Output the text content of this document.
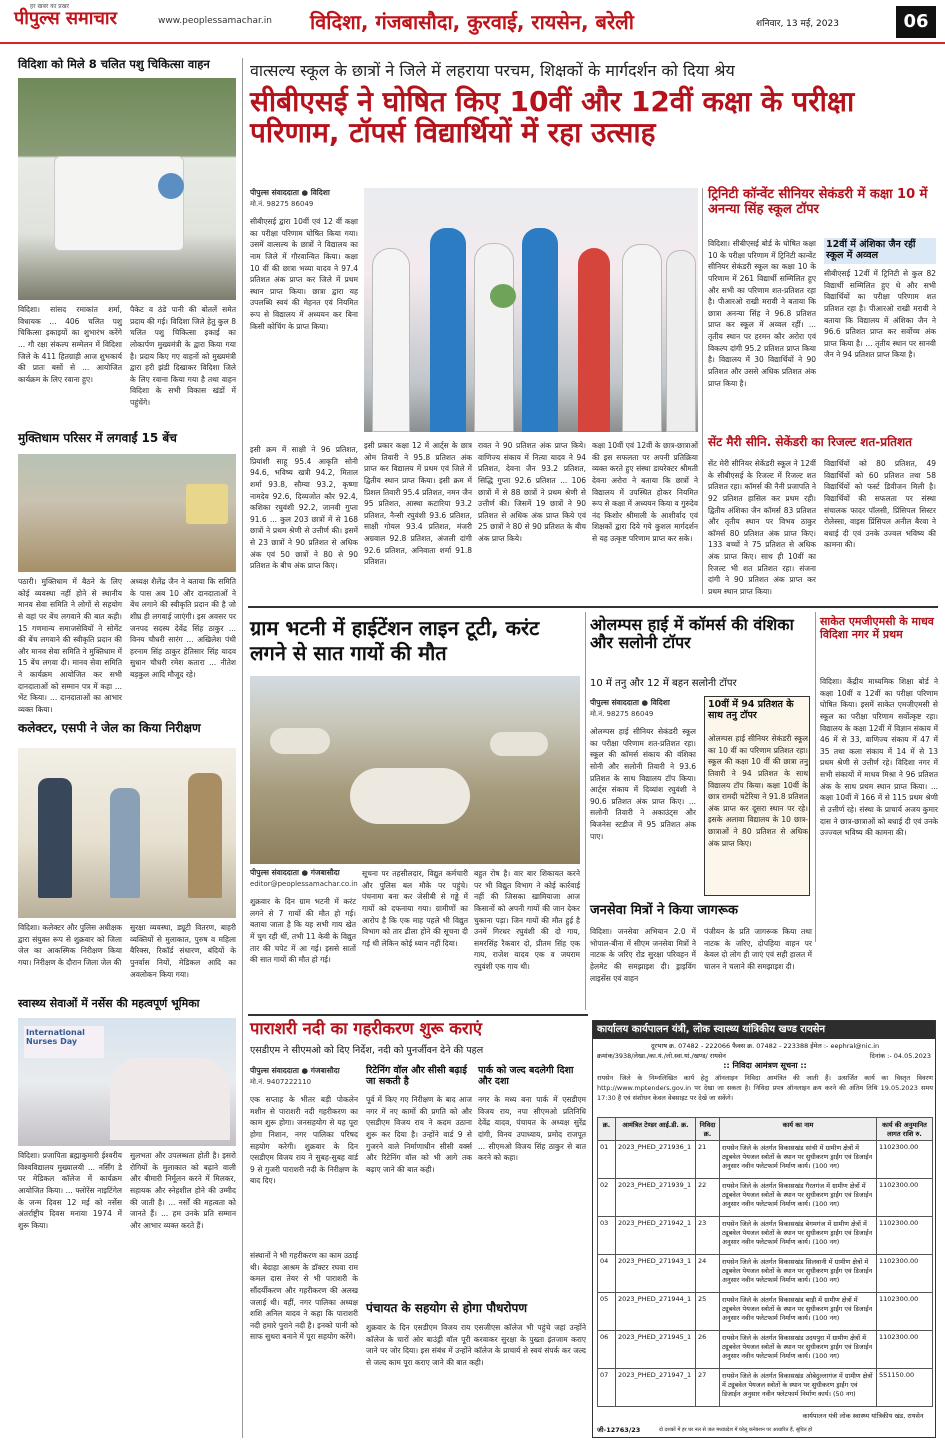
हर खबर का प्रखर
पीपुल्स समाचार	www.peoplessamachar.in विदिशा, गंजबासौदा, कुरवाई, रायसेन, बरेली	शनिवार, 13 मई, 2023	06
विदिशा को मिले 8 चलित पशु चिकित्सा वाहन
विदिशा। सांसद रमाकांत शर्मा, विधायक ... 406 चलित पशु चिकित्सा इकाइयों का शुभारंभ करेंगे ... गौ रक्षा संकल्प सम्मेलन में विदिशा जिले के 411 हितग्राही आज शुभकार्य की प्रातः बसों से ... आयोजित कार्यक्रम के लिए रवाना हुए।
पैकेट व ठंडे पानी की बोतलें समेत प्रदाय की गई। विदिशा जिले हेतु कुल 8 चलित पशु चिकित्सा इकाई का लोकार्पण मुख्यमंत्री के द्वारा किया गया है। प्रदाय किए गए वाहनों को मुख्यमंत्री द्वारा हरी झंडी दिखाकर विदिशा जिले के लिए रवाना किया गया है तथा वाहन विदिशा के सभी विकास खंडों में पहुंचेंगे।
मुक्तिधाम परिसर में लगवाईं 15 बेंच
पठारी। मुक्तिधाम में बैठने के लिए कोई व्यवस्था नहीं होने से स्थानीय मानव सेवा समिति ने लोगों से सहयोग से वहां पर बेंच लगवाने की बात कही। 15 गणमान्य समाजसेवियों ने सोमेंट की बेंच लगवाने की स्वीकृति प्रदान की और मानव सेवा समिति ने मुक्तिधाम में 15 बेंच लगवा दी। मानव सेवा समिति ने कार्यक्रम आयोजित कर सभी दानदाताओं को सम्मान पत्र में कहा ... भेंट किया। ... दानदाताओं का आभार व्यक्त किया।
अध्यक्ष शैलेंद्र जैन ने बताया कि समिति के पास अब 10 और दानदाताओं ने बेंच लगाने की स्वीकृति प्रदान की है जो शीघ्र ही लगवाई जाएंगी। इस अवसर पर जनपद सदस्य देवेंद्र सिंह ठाकुर ... विनय चौधरी सारंग ... अखिलेश पंथी हरनाम सिंह ठाकुर हेतिसार सिंह यादव सुधान चौधरी रमेश कतारा ... नीतेश बड़कुल आदि मौजूद रहे।
कलेक्टर, एसपी ने जेल का किया निरीक्षण
विदिशा। कलेक्टर और पुलिस अधीक्षक द्वारा संयुक्त रूप से शुक्रवार को जिला जेल का आकस्मिक निरीक्षण किया गया। निरीक्षण के दौरान जिला जेल की
सुरक्षा व्यवस्था, ड्यूटी वितरण, बाहरी व्यक्तियों से मुलाकात, पुरुष व महिला बैरिक्स, रिकॉर्ड संधारण, बंदियों के पुनर्वास नियों, मेडिकल आदि का अवलोकन किया गया।
स्वास्थ्य सेवाओं में नर्सेस की महत्वपूर्ण भूमिका
International Nurses Day
विदिशा। प्रजापिता ब्रह्माकुमारी ईश्वरीय विश्वविद्यालय मुख्यालयी ... नर्सिंग डे पर मेडिकल कॉलेज में कार्यक्रम आयोजित किया। ... फ्लोरेंस नाइटिंगेल के जन्म दिवस 12 मई को नर्सेस अंतर्राष्ट्रीय दिवस मनाया 1974 में शुरू किया।
सुलभता और उपलब्धता होती है। इसरो रोगियों के मुलाकात को बढ़ाने वाली और बीमारी निर्मूलन करने में मिलकर, सहायक और स्नेहशील होने की उम्मीद की जाती है। ... नर्सों की महत्वता को जानते हैं। ... हम उनके प्रति सम्मान और आभार व्यक्त करते हैं।
वात्सल्य स्कूल के छात्रों ने जिले में लहराया परचम, शिक्षकों के मार्गदर्शन को दिया श्रेय
सीबीएसई ने घोषित किए 10वीं और 12वीं कक्षा के परीक्षा परिणाम, टॉपर्स विद्यार्थियों में रहा उत्साह
पीपुल्स संवाददाता ● विदिशा
मो.नं. 98275 86049
सीबीएसई द्वारा 10वीं एवं 12 वीं कक्षा का परीक्षा परिणाम घोषित किया गया। उसमें वात्सल्य के छात्रों ने विद्यालय का नाम जिले में गौरवान्वित किया। कक्षा 10 वीं की छात्रा भव्या यादव ने 97.4 प्रतिशत अंक प्राप्त कर जिले में प्रथम स्थान प्राप्त किया। छात्रा द्वारा यह उपलब्धि स्वयं की मेहनत एवं नियमित रूप से विद्यालय में अध्ययन कर बिना किसी कोचिंग के प्राप्त किया।
इसी क्रम में साक्षी ने 96 प्रतिशत, प्रियांशी साहू 95.4 आकृति सोनी 94.6, भविष्य खत्री 94.2, मिताल शर्मा 93.8, सौम्या 93.2, कृष्णा नामदेव 92.6, दिव्यजोत कौर 92.4, कशिका रघुवंशी 92.2, जानवी गुप्ता 91.6 ... कुल 203 छात्रों में से 168 छात्रों ने प्रथम श्रेणी से उत्तीर्ण की। इसमें से 23 छात्रों ने 90 प्रतिशत से अधिक अंक एवं 50 छात्रों ने 80 से 90 प्रतिशत के बीच अंक प्राप्त किए।
इसी प्रकार कक्षा 12 में आर्ट्स के छात्र ओम तिवारी ने 95.8 प्रतिशत अंक प्राप्त कर विद्यालय में प्रथम एवं जिले में द्वितीय स्थान प्राप्त किया। इसी क्रम में प्रिशल तिवारी 95.4 प्रतिशत, नमन जैन 95 प्रतिशत, आस्था कटारिया 93.2 प्रतिशत, नैन्सी रघुवंशी 93.6 प्रतिशत, साक्षी गोयल 93.4 प्रतिशत, मंजरी अग्रवाल 92.8 प्रतिशत, अंजली दांगी 92.6 प्रतिशत, अनिवाता शर्मा 91.8 प्रतिशत।
रावत ने 90 प्रतिशत अंक प्राप्त किये। वाणिज्य संकाय में नित्या यादव ने 94 प्रतिशत, देवना जैन 93.2 प्रतिशत, सिद्धि गुप्ता 92.6 प्रतिशत ... 106 छात्रों में से 88 छात्रों ने प्रथम श्रेणी से उत्तीर्ण की। जिसमें 19 छात्रों ने 90 प्रतिशत से अधिक अंक प्राप्त किये एवं 25 छात्रों ने 80 से 90 प्रतिशत के बीच अंक प्राप्त किये।
कक्षा 10वीं एवं 12वीं के छात्र-छात्राओं की इस सफलता पर अपनी प्रतिक्रिया व्यक्त करते हुए संस्था डायरेक्टर श्रीमती देवना अरोरा ने बताया कि छात्रों ने विद्यालय में उपस्थित होकर नियमित रूप से कक्षा में अध्ययन किया व गुरुदेव नंद किशोर श्रीमाली के आशीर्वाद एवं शिक्षकों द्वारा दिये गये कुशल मार्गदर्शन से यह उत्कृष्ट परिणाम प्राप्त कर सके।
ट्रिनिटी कॉन्वेंट सीनियर सेकंडरी में कक्षा 10 में अनन्या सिंह स्कूल टॉपर
विदिशा। सीबीएसई बोर्ड के घोषित कक्षा 10 के परीक्षा परिणाम में ट्रिनिटी कान्वेंट सीनियर सेकंडरी स्कूल का कक्षा 10 के परिणाम में 261 विद्यार्थी सम्मिलित हुए और सभी का परिणाम शत-प्रतिशत रहा है। पीआरओ राखी मरावी ने बताया कि छात्रा अनन्या सिंह ने 96.8 प्रतिशत प्राप्त कर स्कूल में अव्वल रहीं। ... तृतीय स्थान पर हरमन कौर अरोरा एवं विकल्प दांगी 95.2 प्रतिशत प्राप्त किया है। विद्यालय में 30 विद्यार्थियों ने 90 प्रतिशत और उससे अधिक प्रतिशत अंक प्राप्त किया है।
12वीं में अंशिका जैन रहीं स्कूल में अव्वल
सीबीएसई 12वीं में ट्रिनिटी से कुल 82 विद्यार्थी सम्मिलित हुए थे और सभी विद्यार्थियों का परीक्षा परिणाम शत प्रतिशत रहा है। पीआरओ राखी मरावी ने बताया कि विद्यालय में अंशिका जैन ने 96.6 प्रतिशत प्राप्त कर सर्वोच्च अंक प्राप्त किया है। ... तृतीय स्थान पर सानवी जैन ने 94 प्रतिशत प्राप्त किया है।
सेंट मैरी सीनि. सेकेंडरी का रिजल्ट शत-प्रतिशत
सेंट मेरी सीनियर सेकेंडरी स्कूल ने 12वीं के सीबीएसई के रिजल्ट में रिजल्ट शत प्रतिशत रहा। कॉमर्स की नैनी प्रजापति ने 92 प्रतिशत हासिल कर प्रथम रही। द्वितीय अंशिका जैन कॉमर्स 83 प्रतिशत और तृतीय स्थान पर विभव ठाकुर कॉमर्स 80 प्रतिशत अंक प्राप्त किए। 133 बच्चों ने 75 प्रतिशत से अधिक अंक प्राप्त किए। साथ ही 10वीं का रिजल्ट भी शत प्रतिशत रहा। संजना दांगी ने 90 प्रतिशत अंक प्राप्त कर प्रथम स्थान प्राप्त किया।
विद्यार्थियों को 80 प्रतिशत, 49 विद्यार्थियों को 60 प्रतिशत तथा 58 विद्यार्थियों को फर्स्ट डिवीजन मिली है। विद्यार्थियों की सफलता पर संस्था संचालक फादर पॉलसी, प्रिंसिपल सिस्टर रोलेस्सा, वाइस प्रिंसिपल अनील बैरवा ने बधाई दी एवं उनके उज्वल भविष्य की कामना की।
ग्राम भटनी में हाईटेंशन लाइन टूटी, करंट लगने से सात गायों की मौत
पीपुल्स संवाददाता ● गंजबासौदा
editor@peoplessamachar.co.in
शुक्रवार के दिन ग्राम भटनी में करंट लगने से 7 गायों की मौत हो गई। बताया जाता है कि यह सभी गाय खेत में चुग रही थीं, तभी 11 केवी के विद्युत तार की चपेट में आ गई। इससे सातों की सात गायों की मौत हो गई।
सूचना पर तहसीलदार, विद्युत कर्मचारी और पुलिस बल मौके पर पहुंचे। पंचनामा बना कर जेसीबी से गड्ढे में गायों को दफनाया गया। ग्रामीणों का आरोप है कि एक माह पहले भी विद्युत विभाग को तार ढीला होने की सूचना दी गई थी लेकिन कोई ध्यान नहीं दिया।
बहुत रोष है। वार बार शिकायत करने पर भी विद्युत विभाग ने कोई कार्रवाई नहीं की जिसका खामियाजा आज किसानों को अपनी गायों की जान देकर चुकाना पड़ा। जिन गायों की मौत हुई है उनमें गिरधर रघुवंशी की दो गाय, समरसिंह रैकवार दो, प्रीतम सिंह एक गाय, राजेश यादव एक व जयराम रघुवंशी एक गाय थी।
ओलम्पस हाई में कॉमर्स की वंशिका और सलोनी टॉपर
10 में तनु और 12 में बहन सलोनी टॉपर
पीपुल्स संवाददाता ● विदिशा
मो.नं. 98275 86049
ओलम्पस हाई सीनियर सेकंडरी स्कूल का परीक्षा परिणाम शत-प्रतिशत रहा। स्कूल की कॉमर्स संकाय की वंशिका सोनी और सलोनी तिवारी ने 93.6 प्रतिशत के साथ विद्यालय टॉप किया। आर्ट्स संकाय में दिव्यांश रघुवंशी ने 90.6 प्रतिशत अंक प्राप्त किए। ... सलोनी तिवारी ने अकाउंट्स और बिजनेस स्टडीज में 95 प्रतिशत अंक पाए।
10वीं में 94 प्रतिशत के साथ तनु टॉपर
ओलम्पस हाई सीनियर सेकंडरी स्कूल का 10 वीं का परिणाम प्रतिशत रहा। स्कूल की कक्षा 10 वीं की छात्रा तनु तिवारी ने 94 प्रतिशत के साथ विद्यालय टॉप किया। कक्षा 10वीं के छात्र रामदी चटेरिया ने 91.8 प्रतिशत अंक प्राप्त कर दूसरा स्थान पर रहे। इसके अलावा विद्यालय के 10 छात्र-छात्राओं ने 80 प्रतिशत से अधिक अंक प्राप्त किए।
साकेत एमजीएमसी के माधव विदिशा नगर में प्रथम
विदिशा। केंद्रीय माध्यमिक शिक्षा बोर्ड ने कक्षा 10वीं व 12वीं का परीक्षा परिणाम घोषित किया। इसमें साकेत एमजीएमसी से स्कूल का परीक्षा परिणाम सर्वोत्कृष्ट रहा। विद्यालय के कक्षा 12वीं में विज्ञान संकाय में 46 में से 33, वाणिज्य संकाय में 47 में 35 तथा कला संकाय में 14 में से 13 प्रथम श्रेणी से उत्तीर्ण रहे। विदिशा नगर में सभी संकायों में माधव मिश्रा ने 96 प्रतिशत अंक के साथ प्रथम स्थान प्राप्त किया। ... कक्षा 10वीं में 166 में से 115 प्रथम श्रेणी से उत्तीर्ण रहे। संस्था के प्राचार्य अजय कुमार दास ने छात्र-छात्राओं को बधाई दी एवं उनके उज्ज्वल भविष्य की कामना की।
जनसेवा मित्रों ने किया जागरूक
विदिशा। जनसेवा अभियान 2.0 में भोपाल-बीना में सीएम जनसेवा मित्रों ने नाटक के जरिए रोड सुरक्षा परिवहन में हेलमेट की समझाइश दी। ड्राइविंग लाइसेंस एवं वाहन
पंजीयन के प्रति जागरूक किया तथा नाटक के जरिए, दोपहिया वाहन पर केवल दो लोग ही जाएं एवं सही हालत में चालन ने चलाने की समझाइश दी।
पाराशरी नदी का गहरीकरण शुरू कराएं
एसडीएम ने सीएमओ को दिए निर्देश, नदी को पुनर्जीवन देने की पहल
पीपुल्स संवाददाता ● गंजबासौदा
मो.नं. 9407222110
एक सप्ताह के भीतर बड़ी पोकलेन मशीन से पाराशरी नदी गहरीकरण का काम शुरू होगा। जनसहयोग से यह पूरा होगा निशान, नगर पालिका परिषद सहयोग करेगी। शुक्रवार के दिन एसडीएम विजय राय ने सुबह-सुबह वार्ड 9 से गुजरी पाराशरी नदी के निरीक्षण के बाद दिए।
संस्थानों ने भी गहरीकरण का काम उठाई थी। बेदाहा आश्रम के डॉक्टर रघवा राम कमल दास तेयर से भी पाराशरी के सौंदर्यीकरण और गहरीकरण की अलख जलाई थी। वहीं, नगर पालिका अध्यक्ष शशि अनिल यादव ने कहा कि पाराशरी नदी हमारे पुराने नदी है। इनको पानी को साफ सुथरा बनाने में पूरा सहयोग करेंगे।
रिटेनिंग वॉल और सीसी बढ़ाई जा सकती है
पूर्व में किए गए निरीक्षण के बाद आज नगर में नए कामों की प्रगति को और एसडीएम विजय राय ने कदम उठाना शुरू कर दिया है। उन्होंने वार्ड 9 से गुजरने वाले निर्माणाधीन सीसी वर्क्स और रिटेनिंग वॉल को भी आगे तक बढ़ाए जाने की बात कही।
पार्क को जल्द बदलेगी दिशा और दशा
नगर के मध्य बना पार्क में एसडीएम विजय राय, नपा सीएमओ प्रतिनिधि देवेंद्र यादव, पंचायत के अध्यक्ष सुरेंद्र दांगी, विनय उपाध्याय, प्रमोद राजपूत ... सीएमओ विजय सिंह ठाकुर से बात करने को कहा।
पंचायत के सहयोग से होगा पौधरोपण
शुक्रवार के दिन एसडीएम विजय राय एसजीएस कॉलेज भी पहुंचे जहां उन्होंने कॉलेज के चारों ओर बाउंड्री वॉल पूरी करवाकर सुरक्षा के पुख्ता इंतजाम कराए जाने पर जोर दिया। इस संबंध में उन्होंने कॉलेज के प्राचार्य से स्वयं संपर्क कर जल्द से जल्द काम पूरा कराए जाने की बात कही।
कार्यालय कार्यपालन यंत्री, लोक स्वास्थ्य यांत्रिकीय खण्ड रायसेन
दूरभाष क्र. 07482 - 222066 फैक्स क्र. 07482 - 223388 ईमेल :- eephral@nic.in
क्रमांक/3938/लेखा./का.यं./लो.स्वा.यां./खण्ड/ रायसेन	दिनांक :- 04.05.2023
:: निविदा आमंत्रण सूचना ::
रायसेन जिले के निम्नलिखित कार्य हेतु ऑनलाइन निविदा आमंत्रित की जाती हैं। उत्सर्जित कार्य का विस्तृत विवरण http://www.mptenders.gov.in पर देखा जा सकता है। निविदा प्रपत्र ऑनलाइन क्रय करने की अंतिम तिथि 19.05.2023 समय 17:30 है एवं संशोधन केवल वेबसाइट पर देखे जा सकेंगे।
क्र.	आमंत्रित टेण्डर आई.डी. क्र.	निविदा क्र.	कार्य का नाम	कार्य की अनुमानित लागत राशि रु.
01	2023_PHED_271936_1	21	रायसेन जिले के अंतर्गत विकासखंड सांची में ग्रामीण क्षेत्रों में ट्यूबवेल पेयजल स्त्रोतों के स्थान पर सुधीकरण ड्राईंग एवं डिजाईन अनुसार नवीन फ्लेटफार्म निर्माण कार्य। (100 नग)	1102300.00
02	2023_PHED_271939_1	22	रायसेन जिले के अंतर्गत विकासखंड गैरतगंज में ग्रामीण क्षेत्रों में ट्यूबवेल पेयजल स्त्रोतों के स्थान पर सुधीकरण ड्राईंग एवं डिजाईन अनुसार नवीन फ्लेटफार्म निर्माण कार्य। (100 नग)	1102300.00
03	2023_PHED_271942_1	23	रायसेन जिले के अंतर्गत विकासखंड बेगमगंज में ग्रामीण क्षेत्रों में ट्यूबवेल पेयजल स्त्रोतों के स्थान पर सुधीकरण ड्राईंग एवं डिजाईन अनुसार नवीन फ्लेटफार्म निर्माण कार्य। (100 नग)	1102300.00
04	2023_PHED_271943_1	24	रायसेन जिले के अंतर्गत विकासखंड सिलवानी में ग्रामीण क्षेत्रों में ट्यूबवेल पेयजल स्त्रोतों के स्थान पर सुधीकरण ड्राईंग एवं डिजाईन अनुसार नवीन फ्लेटफार्म निर्माण कार्य। (100 नग)	1102300.00
05	2023_PHED_271944_1	25	रायसेन जिले के अंतर्गत विकासखंड बाड़ी में ग्रामीण क्षेत्रों में ट्यूबवेल पेयजल स्त्रोतों के स्थान पर सुधीकरण ड्राईंग एवं डिजाईन अनुसार नवीन फ्लेटफार्म निर्माण कार्य। (100 नग)	1102300.00
06	2023_PHED_271945_1	26	रायसेन जिले के अंतर्गत विकासखंड उदयपुरा में ग्रामीण क्षेत्रों में ट्यूबवेल पेयजल स्त्रोतों के स्थान पर सुधीकरण ड्राईंग एवं डिजाईन अनुसार नवीन फ्लेटफार्म निर्माण कार्य। (100 नग)	1102300.00
07	2023_PHED_271947_1	27	रायसेन जिले के अंतर्गत विकासखंड ओबेदुल्लागंज में ग्रामीण क्षेत्रों में ट्यूबवेल पेयजल स्त्रोतों के स्थान पर सुधीकरण ड्राईंग एवं डिजाईन अनुसार नवीन फ्लेटफार्म निर्माण कार्य। (50 नग)	551150.00
कार्यपालन यंत्री लोक स्वास्थ्य यांत्रिकीय खंड, रायसेन
जी-12763/23	दो दशकों में हर घर नल से जल मध्यप्रदेश में घरेलू कनेक्शन पर आधारित हैं, सूचित हो
